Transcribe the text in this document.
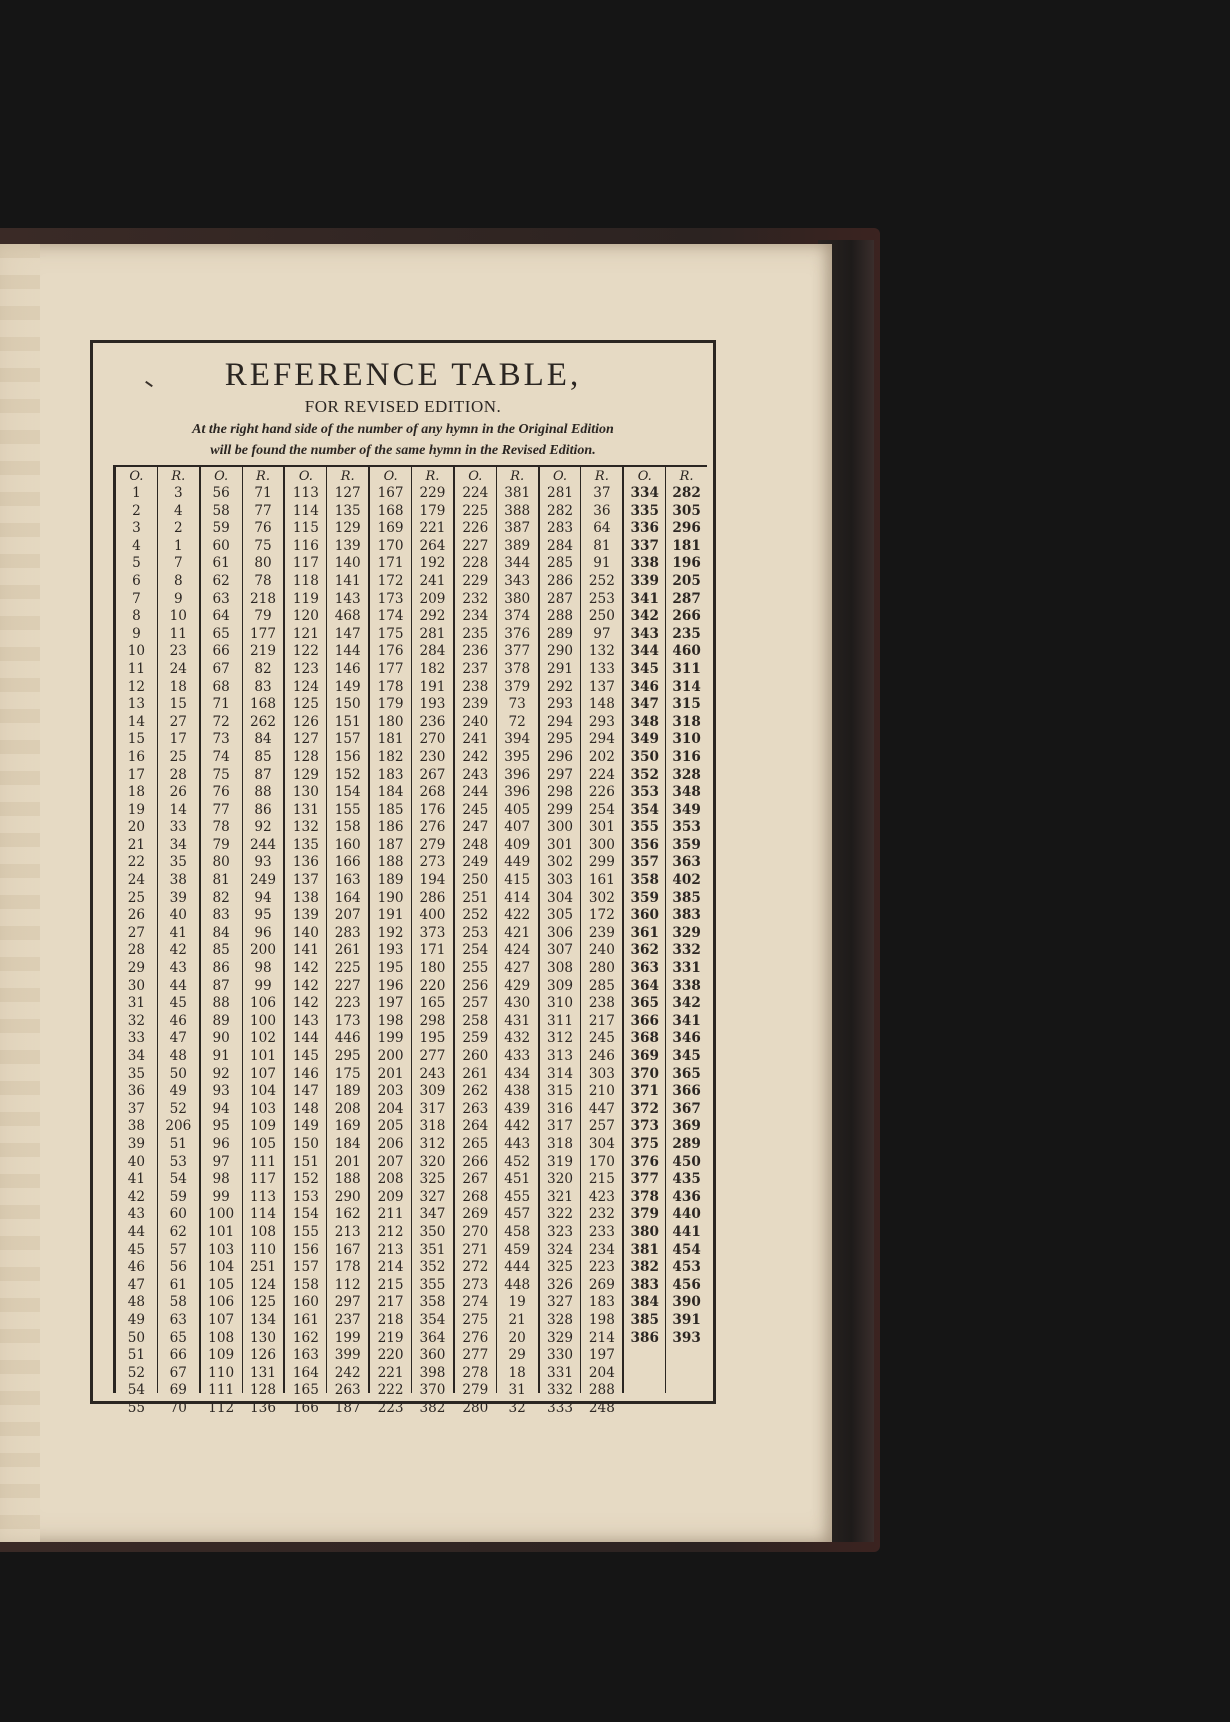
REFERENCE TABLE,
FOR REVISED EDITION.
At the right hand side of the number of any hymn in the Original Edition
will be found the number of the same hymn in the Revised Edition.
O.
1
2
3
4
5
6
7
8
9
10
11
12
13
14
15
16
17
18
19
20
21
22
24
25
26
27
28
29
30
31
32
33
34
35
36
37
38
39
40
41
42
43
44
45
46
47
48
49
50
51
52
54
55
R.
3
4
2
1
7
8
9
10
11
23
24
18
15
27
17
25
28
26
14
33
34
35
38
39
40
41
42
43
44
45
46
47
48
50
49
52
206
51
53
54
59
60
62
57
56
61
58
63
65
66
67
69
70
O.
56
58
59
60
61
62
63
64
65
66
67
68
71
72
73
74
75
76
77
78
79
80
81
82
83
84
85
86
87
88
89
90
91
92
93
94
95
96
97
98
99
100
101
103
104
105
106
107
108
109
110
111
112
R.
71
77
76
75
80
78
218
79
177
219
82
83
168
262
84
85
87
88
86
92
244
93
249
94
95
96
200
98
99
106
100
102
101
107
104
103
109
105
111
117
113
114
108
110
251
124
125
134
130
126
131
128
136
O.
113
114
115
116
117
118
119
120
121
122
123
124
125
126
127
128
129
130
131
132
135
136
137
138
139
140
141
142
142
142
143
144
145
146
147
148
149
150
151
152
153
154
155
156
157
158
160
161
162
163
164
165
166
R.
127
135
129
139
140
141
143
468
147
144
146
149
150
151
157
156
152
154
155
158
160
166
163
164
207
283
261
225
227
223
173
446
295
175
189
208
169
184
201
188
290
162
213
167
178
112
297
237
199
399
242
263
187
O.
167
168
169
170
171
172
173
174
175
176
177
178
179
180
181
182
183
184
185
186
187
188
189
190
191
192
193
195
196
197
198
199
200
201
203
204
205
206
207
208
209
211
212
213
214
215
217
218
219
220
221
222
223
R.
229
179
221
264
192
241
209
292
281
284
182
191
193
236
270
230
267
268
176
276
279
273
194
286
400
373
171
180
220
165
298
195
277
243
309
317
318
312
320
325
327
347
350
351
352
355
358
354
364
360
398
370
382
O.
224
225
226
227
228
229
232
234
235
236
237
238
239
240
241
242
243
244
245
247
248
249
250
251
252
253
254
255
256
257
258
259
260
261
262
263
264
265
266
267
268
269
270
271
272
273
274
275
276
277
278
279
280
R.
381
388
387
389
344
343
380
374
376
377
378
379
73
72
394
395
396
396
405
407
409
449
415
414
422
421
424
427
429
430
431
432
433
434
438
439
442
443
452
451
455
457
458
459
444
448
19
21
20
29
18
31
32
O.
281
282
283
284
285
286
287
288
289
290
291
292
293
294
295
296
297
298
299
300
301
302
303
304
305
306
307
308
309
310
311
312
313
314
315
316
317
318
319
320
321
322
323
324
325
326
327
328
329
330
331
332
333
R.
37
36
64
81
91
252
253
250
97
132
133
137
148
293
294
202
224
226
254
301
300
299
161
302
172
239
240
280
285
238
217
245
246
303
210
447
257
304
170
215
423
232
233
234
223
269
183
198
214
197
204
288
248
O.
334
335
336
337
338
339
341
342
343
344
345
346
347
348
349
350
352
353
354
355
356
357
358
359
360
361
362
363
364
365
366
368
369
370
371
372
373
375
376
377
378
379
380
381
382
383
384
385
386
R.
282
305
296
181
196
205
287
266
235
460
311
314
315
318
310
316
328
348
349
353
359
363
402
385
383
329
332
331
338
342
341
346
345
365
366
367
369
289
450
435
436
440
441
454
453
456
390
391
393
